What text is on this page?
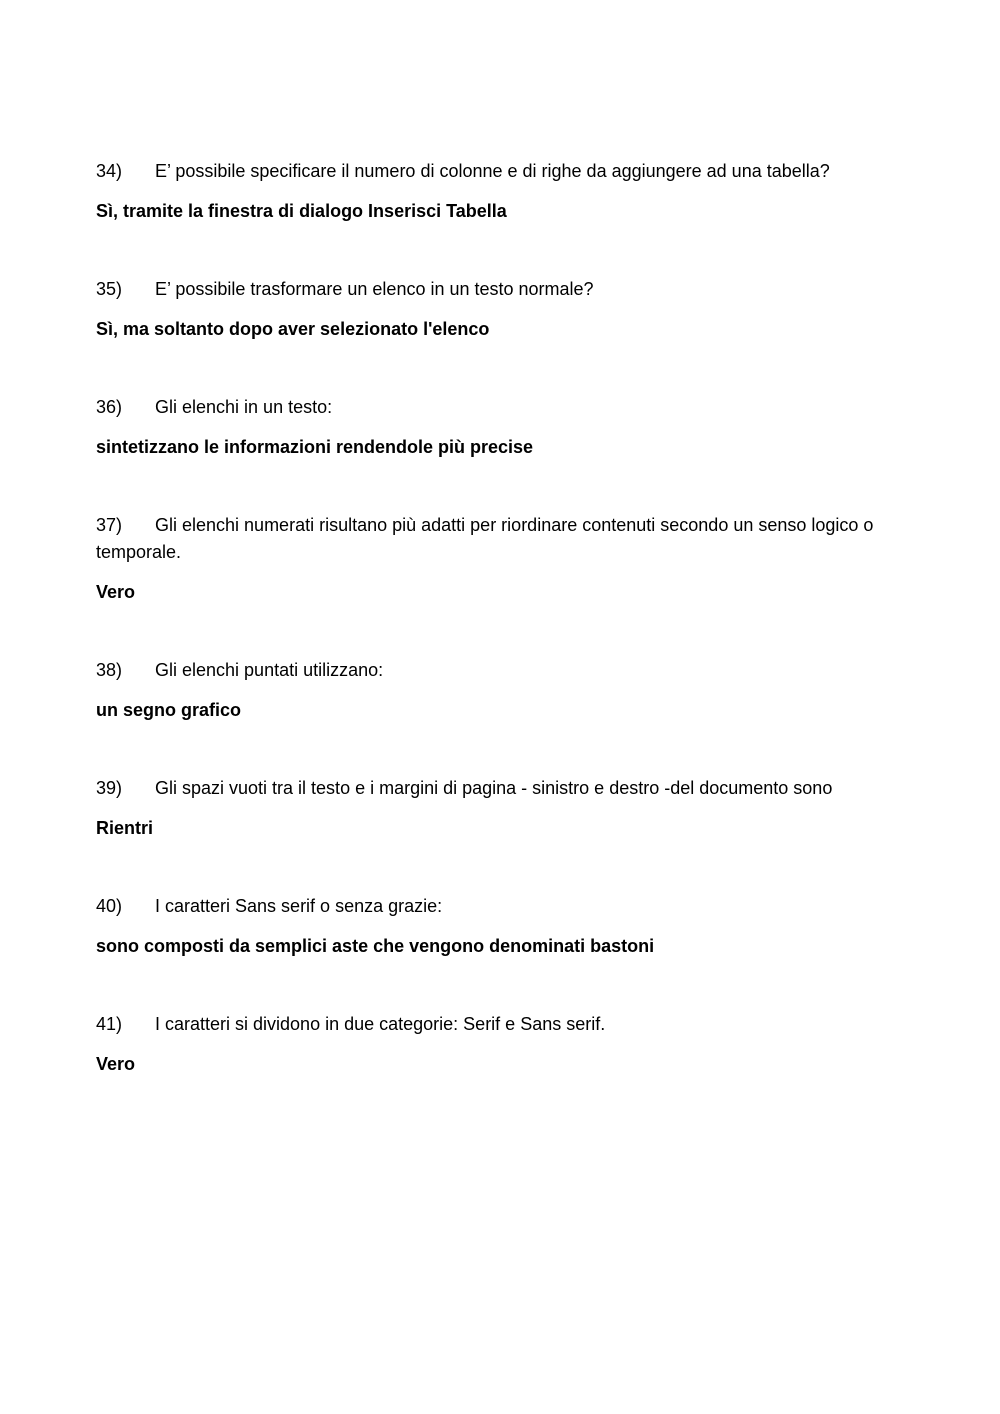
34) E’ possibile specificare il numero di colonne e di righe da aggiungere ad una tabella?

Sì, tramite la finestra di dialogo Inserisci Tabella

35) E’ possibile trasformare un elenco in un testo normale?

Sì, ma soltanto dopo aver selezionato l'elenco

36) Gli elenchi in un testo:

sintetizzano le informazioni rendendole più precise

37) Gli elenchi numerati risultano più adatti per riordinare contenuti secondo un senso logico o temporale.

Vero

38) Gli elenchi puntati utilizzano:

un segno grafico

39) Gli spazi vuoti tra il testo e i margini di pagina - sinistro e destro -del documento sono

Rientri

40) I caratteri Sans serif o senza grazie:

sono composti da semplici aste che vengono denominati bastoni

41) I caratteri si dividono in due categorie: Serif e Sans serif.

Vero
